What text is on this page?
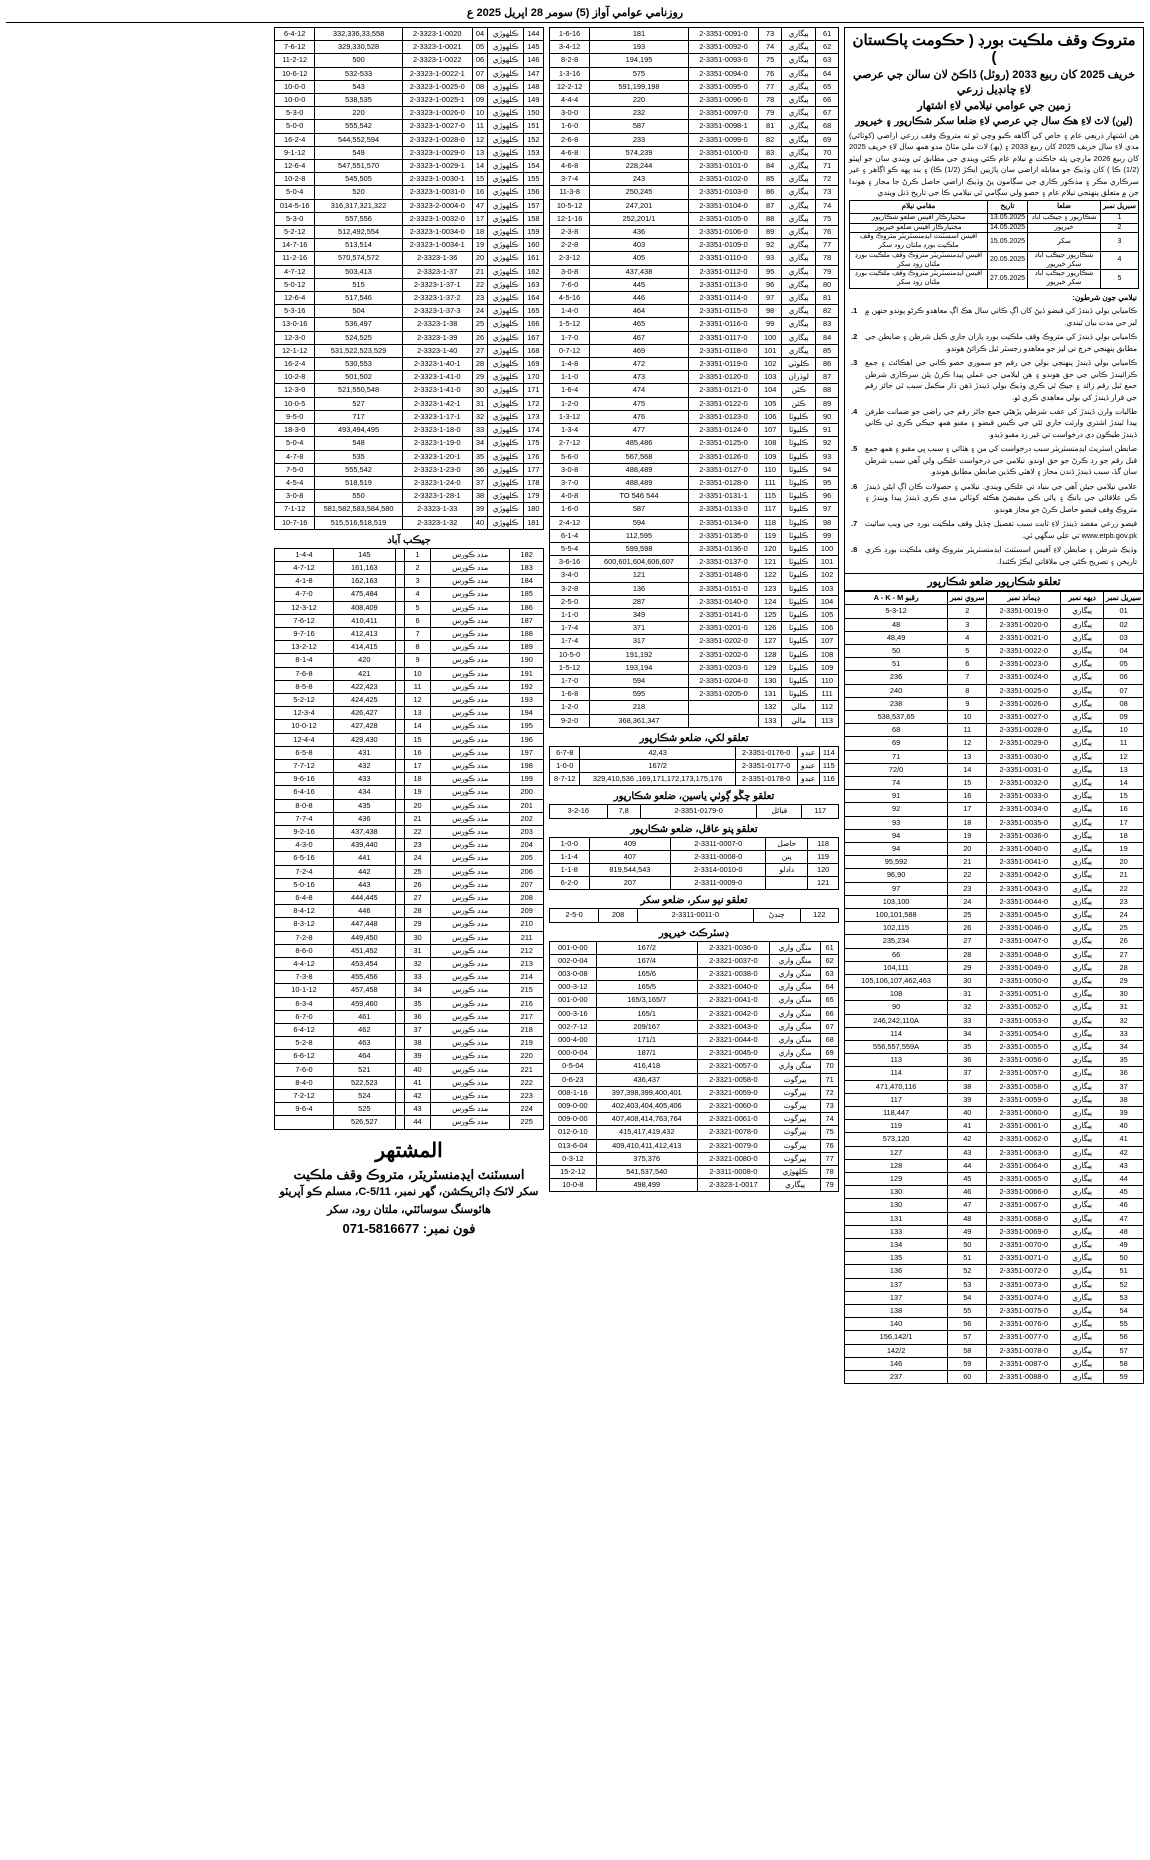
روزنامي عوامي آواز (5) سومر 28 اپريل 2025 ع
متروڪ وقف ملڪيت بورڊ ( حڪومت پاڪستان )
خريف 2025 کان ربيع 2033 (روئل) ڏاڪڻ لان سالن جي عرصي لاءِ چانڊيل زرعي
زمين جي عوامي نيلامي لاءِ اشتهار
(لين) لاٽ لاءِ هڪ سال جي عرصي لاءِ ضلعا سکر شڪارپور ۽ خيرپور

هن اشتهار ذريعي عام ۽ خاص کي آگاهه ڪيو وڃي ٿو ته متروڪ وقف زرعي اراضي (کوٽائي) مدي لاءِ سال خريف 2025 کان ربيع 2033 ۽ (ٻھ) لاٽ ملي مٿاڻ مدو همھ سال لاءِ خريف 2025 کان ربيع 2026 مارچي پئه حاڪت ۾ نيلام عام ڪئي ويندي جي مطابق ٿي ويندي سان جو اڀيٽو (1/2) ڪا ) کان وڌيڪ جو مقابله اراضي سان پاڙيين ايڪڙ (1/2) ڪا) ۽ بند پهه ڪو اڳاهر ۽ غير سرڪاري مڪر ۽ مذڪور ڪاري جي سڳامون پڻ وڌيڪ اراضي حاصل ڪرڻ جا مجاز ۽ هوندا جن ۾ متعلق پنهنجي نيلام عام ۽ حصو ولي سڳامي ٿي نيلامي ڪا جي تاريخ ڏنل ويندي

سيريل نمبر	ضلعا	تاريخ	مقامي نيلام
1	شڪارپور ۽ جيڪب آباد	13.05.2025	مختيارڪار آفيس ضلعو شڪارپور
2	خيرپور	14.05.2025	مختيارڪار آفيس ضلعو خيرپور
3	سکر	15.05.2025	آفيس اسسٽنٽ ايڊمنسٽريٽر متروڪ وقف ملڪيت بورڊ ملتان رود سکر
4	شڪارپور جيڪب آباد سکر خيرپور	20.05.2025	آفيس ايڊمنسٽريٽر متروڪ وقف ملڪيت بورڊ ملتان رود سکر
5	شڪارپور جيڪب آباد سکر خيرپور	27.05.2025	آفيس ايڊمنسٽريٽر متروڪ وقف ملڪيت بورڊ ملتان رود سکر
نيلامي جون شرطون:
1.	ڪاميابي بولي ڏيندڙ کي قبضو ڏيڻ کان اڳ ڪاني سال هڪ اڳ معاهدو ڪرڻو پوندو جنهن ۾ ليز جي مدت بيان ٿيندي.
2.	ڪاميابي بولي ڏيندڙ کي متروڪ وقف ملڪيت بورڊ پاران جاري ڪيل شرطن ۽ ضابطن جي مطابق پنهنجي خرچ تي ليز جو معاهدو رجسٽر ٿيل ڪرائڻ هوندو.
3.	ڪاميابي بولي ڏيندڙ پنهنجي بولي جي رقم جو سموري حصو ڪاني جي اهڪائٽ ۽ جمع ڪرائيندڙ ڪاني جي حق هوندو ۽ ھن ليلامي جي عملي پيدا ڪرڻ پئن سرڪاري شرطن جمع ٿيل رقم زائد ۽ جيڪ ٿي ڪري وڌيڪ بولي ڏيندڙ ڏهن ڌار مڪمل سبب ٿي جائز رقم جي قرار ڏيندڙ کي بولي معاهدي ڪري ٿو.
4.	طالبات وارن ڏيندڙ کي عقب شرطي پڙهڻي جمع جائز رقم جي راضي جو ضمانت طرفن پيدا ٿيندڙ اشتري وارثت جاري ٿئي جي ڪيس قبضو ۽ مقبو همھ جيڪي ڪري ٿي ڪاني ڏيندڙ طيڪون دي درخواست تي غير زد مقبو ڌيدو.
5.	ضابطن اسٽريٽ ايڊمنسٽريٽر سبب درخواست کي من ۽ هٽائي ۽ سبب ڀي مقبو ۽ همھ جمع قبل رقم جو رد ڪرڻ جو حق اوندو. نيلامي جي درخواست علڪي ولي آهي سبب شرطن سان گڏ، سبب ڏيندڙ ڏندن محاز ۽ لاهٽي ڪڌين ضابطن مطابق هوندو.
6.	علامي نيلامي جيئن آهي جي بنياد تي علڪي ويندي. نيلامي ۽ حصولات ڪان اڳ اپڻي ڏيندڙ ڪي علاقائي جي بانڪ ۽ پائي ڪي مقبضڻ هڪئه کوٽائي مدي ڪري ڏيندڙ پيدا ويندڙ ۽ متروڪ وقف قبضو حاصل ڪرڻ جو مجاز هوندو.
7.	قبضو زرعي مقصد ڏيندڙ لاءِ ثابت سبب تفصيل ڇڏيل وقف ملڪيت بورڊ جي ويب سائيٽ www.etpb.gov.pk تي علي سگهي ٿي.
8.	وڌيڪ شرطن ۽ ضابطن لاءِ آفيس اسسٽنٽ ايڊمنسٽريٽر متروڪ وقف ملڪيت بورڊ ڪري تاريخن ۽ تصريح ڪئي جي ملاقاتي ايڪڙ ڪئندا.
تعلقو شڪارپور ضلعو شڪارپور
سيريل نمبر	ديهه نمبر	ڊيمانڊ نمبر	سروي نمبر	رقبو A - K - M
01	پيگاري	2-3351-0019-0	2	5-3-12
02	پيگاري	2-3351-0020-0	3	48
03	پيگاري	2-3351-0021-0	4	48,49
04	پيگاري	2-3351-0022-0	5	50
05	پيگاري	2-3351-0023-0	6	51
06	پيگاري	2-3351-0024-0	7	236
07	پيگاري	2-3351-0025-0	8	240
08	پيگاري	2-3351-0026-0	9	238
09	پيگاري	2-3351-0027-0	10	538,537,65
10	پيگاري	2-3351-0028-0	11	68
11	پيگاري	2-3351-0029-0	12	69
12	پيگاري	2-3351-0030-0	13	71
13	پيگاري	2-3351-0031-0	14	72/0
14	پيگاري	2-3351-0032-0	15	74
15	پيگاري	2-3351-0033-0	16	91
16	پيگاري	2-3351-0034-0	17	92
17	پيگاري	2-3351-0035-0	18	93
18	پيگاري	2-3351-0036-0	19	94
19	پيگاري	2-3351-0040-0	20	94
20	پيگاري	2-3351-0041-0	21	95,592
21	پيگاري	2-3351-0042-0	22	96,90
22	پيگاري	2-3351-0043-0	23	97
23	پيگاري	2-3351-0044-0	24	103,100
24	پيگاري	2-3351-0045-0	25	100,101,588
25	پيگاري	2-3351-0046-0	26	102,115
26	پيگاري	2-3351-0047-0	27	235,234
27	پيگاري	2-3351-0048-0	28	66
28	پيگاري	2-3351-0049-0	29	104,111
29	پيگاري	2-3351-0050-0	30	105,106,107,462,463
30	پيگاري	2-3351-0051-0	31	108
31	پيگاري	2-3351-0052-0	32	90
32	پيگاري	2-3351-0053-0	33	246,242,110A
33	پيگاري	2-3351-0054-0	34	114
34	پيگاري	2-3351-0055-0	35	556,557,559A
35	پيگاري	2-3351-0056-0	36	113
36	پيگاري	2-3351-0057-0	37	114
37	پيگاري	2-3351-0058-0	38	471,470,116
38	پيگاري	2-3351-0059-0	39	117
39	پيگاري	2-3351-0060-0	40	118,447
40	پيگاري	2-3351-0061-0	41	119
41	پيگاري	2-3351-0062-0	42	573,120
42	پيگاري	2-3351-0063-0	43	127
43	پيگاري	2-3351-0064-0	44	128
44	پيگاري	2-3351-0065-0	45	129
45	پيگاري	2-3351-0066-0	46	130
46	پيگاري	2-3351-0067-0	47	130
47	پيگاري	2-3351-0068-0	48	131
48	پيگاري	2-3351-0069-0	49	133
49	پيگاري	2-3351-0070-0	50	134
50	پيگاري	2-3351-0071-0	51	135
51	پيگاري	2-3351-0072-0	52	136
52	پيگاري	2-3351-0073-0	53	137
53	پيگاري	2-3351-0074-0	54	137
54	پيگاري	2-3351-0075-0	55	138
55	پيگاري	2-3351-0076-0	56	140
56	پيگاري	2-3351-0077-0	57	156,142/1
57	پيگاري	2-3351-0078-0	58	142/2
58	پيگاري	2-3351-0087-0	59	146
59	پيگاري	2-3351-0088-0	60	237
61	پيگاري	73	2-3351-0091-0	181	1-6-16
62	پيگاري	74	2-3351-0092-0	193	3-4-12
63	پيگاري	75	2-3351-0093-0	194,195	8-2-8
64	پيگاري	76	2-3351-0094-0	575	1-3-16
65	پيگاري	77	2-3351-0095-0	591,199,198	12-2-12
66	پيگاري	78	2-3351-0096-0	220	4-4-4
67	پيگاري	79	2-3351-0097-0	232	3-0-0
68	پيگاري	81	2-3351-0098-1	587	1-6-0
69	پيگاري	82	2-3351-0099-0	233	2-6-8
70	پيگاري	83	2-3351-0100-0	574,239	4-6-8
71	پيگاري	84	2-3351-0101-0	228,244	4-6-8
72	پيگاري	85	2-3351-0102-0	243	3-7-4
73	پيگاري	86	2-3351-0103-0	250,245	11-3-8
74	پيگاري	87	2-3351-0104-0	247,201	10-5-12
75	پيگاري	88	2-3351-0105-0	252,201/1	12-1-16
76	پيگاري	89	2-3351-0106-0	436	2-3-8
77	پيگاري	92	2-3351-0109-0	403	2-2-8
78	پيگاري	93	2-3351-0110-0	405	2-3-12
79	پيگاري	95	2-3351-0112-0	437,438	3-0-8
80	پيگاري	96	2-3351-0113-0	445	7-6-0
81	پيگاري	97	2-3351-0114-0	446	4-5-16
82	پيگاري	98	2-3351-0115-0	464	1-4-0
83	پيگاري	99	2-3351-0116-0	465	1-5-12
84	پيگاري	100	2-3351-0117-0	467	1-7-0
85	پيگاري	101	2-3351-0118-0	469	0-7-12
86	ڪلوٽي	102	2-3351-0119-0	472	1-4-8
87	لوڌران	103	2-3351-0120-0	473	1-1-0
88	ڪٽن	104	2-3351-0121-0	474	1-6-4
89	ڪٽن	105	2-3351-0122-0	475	1-2-0
90	ڪليوٽا	106	2-3351-0123-0	476	1-3-12
91	ڪليوٽا	107	2-3351-0124-0	477	1-3-4
92	ڪليوٽا	108	2-3351-0125-0	485,486	2-7-12
93	ڪليوٽا	109	2-3351-0126-0	567,568	5-6-0
94	ڪليوٽا	110	2-3351-0127-0	488,489	3-0-8
95	ڪليوٽا	111	2-3351-0128-0	488,489	3-7-0
96	ڪليوٽا	115	2-3351-0131-1	544 TO 546	4-0-8
97	ڪليوٽا	117	2-3351-0133-0	587	1-6-0
98	ڪليوٽا	118	2-3351-0134-0	594	2-4-12
99	ڪليوٽا	119	2-3351-0135-0	112,595	6-1-4
100	ڪليوٽا	120	2-3351-0136-0	599,598	5-5-4
101	ڪليوٽا	121	2-3351-0137-0	600,601,604,606,607	3-6-16
102	ڪليوٽا	122	2-3351-0148-0	121	3-4-0
103	ڪليوٽا	123	2-3351-0151-0	136	3-2-8
104	ڪليوٽا	124	2-3351-0140-0	287	2-5-0
105	ڪليوٽا	125	2-3351-0141-0	349	1-1-0
106	ڪليوٽا	126	2-3351-0201-0	371	1-7-4
107	ڪليوٽا	127	2-3351-0202-0	317	1-7-4
108	ڪليوٽا	128	2-3351-0202-0	191,192	10-5-0
109	ڪليوٽا	129	2-3351-0203-0	193,194	1-5-12
110	ڪليوٽا	130	2-3351-0204-0	594	1-7-0
111	ڪليوٽا	131	2-3351-0205-0	595	1-6-8
112	مالي	132		218	1-2-0
113	مالي	133		368,361,347	9-2-0
تعلقو لکي، ضلعو شڪارپور
114	عبدو	2-3351-0176-0	42,43	6-7-8
115	عبدو	2-3351-0177-0	167/2	1-0-0
116	عبدو	2-3351-0178-0	169,171,172,173,175,176, 329,410,536	8-7-12
تعلقو چڱو ڳوٺي ياسين، ضلعو شڪارپور
117	قبائل	2-3351-0179-0	7,8	3-2-16
تعلقو پنو عاقل، ضلعو شڪارپور
118	حاصل	2-3311-0007-0	409	1-0-0
119	پنن	2-3311-0008-0	407	1-1-4
120	دادلو	2-3314-0010-0	819,544,543	1-1-8
121		2-3311-0009-0	207	6-2-0
تعلقو نيو سکر، ضلعو سکر
122	چنڊڻ	2-3311-0011-0	208	2-5-0
ڊسٽرڪٽ خيرپور
61	منگن واري	2-3321-0036-0	167/2	001-0-00
62	منگن واري	2-3321-0037-0	167/4	002-0-04
63	منگن واري	2-3321-0038-0	165/6	003-0-08
64	منگن واري	2-3321-0040-0	165/5	000-3-12
65	منگن واري	2-3321-0041-0	165/3,165/7	001-0-00
66	منگن واري	2-3321-0042-0	165/1	000-3-16
67	منگن واري	2-3321-0043-0	209/167	002-7-12
68	منگن واري	2-3321-0044-0	171/1	000-4-00
69	منگن واري	2-3321-0045-0	187/1	000-0-04
70	منگن واري	2-3321-0057-0	416,418	0-5-04
71	پيرگوٺ	2-3321-0058-0	436,437	0-6-23
72	پيرگوٺ	2-3321-0059-0	397,398,399,400,401	008-1-16
73	پيرگوٺ	2-3321-0060-0	402,403,404,405,406	009-0-00
74	پيرگوٺ	2-3321-0061-0	407,408,414,763,764	009-0-00
75	پيرگوٺ	2-3321-0078-0	415,417,419,432	012-0-10
76	پيرگوٺ	2-3321-0079-0	409,410,411,412,413	013-6-04
77	پيرگوٺ	2-3321-0080-0	375,376	0-3-12
78	ڪلهوڙي	2-3311-0008-0	541,537,540	15-2-12
79	پيگاري	2-3323-1-0017	498,499	10-0-8
6-4-12	332,336,33,558	2-3323-1-0020	04	ڪلهوڙي	144
7-6-12	329,330,528	2-3323-1-0021	05	ڪلهوڙي	145
11-2-12	500	2-3323-1-0022	06	ڪلهوڙي	146
10-6-12	532-533	2-3323-1-0022-1	07	ڪلهوڙي	147
10-0-0	543	2-3323-1-0025-0	08	ڪلهوڙي	148
10-0-0	538,535	2-3323-1-0025-1	09	ڪلهوڙي	149
5-3-0	220	2-3323-1-0026-0	10	ڪلهوڙي	150
5-0-0	555,542	2-3323-1-0027-0	11	ڪلهوڙي	151
16-2-4	544,552,594	2-3323-1-0028-0	12	ڪلهوڙي	152
9-1-12	549	2-3323-1-0029-0	13	ڪلهوڙي	153
12-6-4	547,551,570	2-3323-1-0029-1	14	ڪلهوڙي	154
10-2-8	545,505	2-3323-1-0030-1	15	ڪلهوڙي	155
5-0-4	520	2-3323-1-0031-0	16	ڪلهوڙي	156
014-5-16	316,317,321,322	2-3323-2-0004-0	47	ڪلهوڙي	157
5-3-0	557,556	2-3323-1-0032-0	17	ڪلهوڙي	158
5-2-12	512,492,554	2-3323-1-0034-0	18	ڪلهوڙي	159
14-7-16	513,514	2-3323-1-0034-1	19	ڪلهوڙي	160
11-2-16	570,574,572	2-3323-1-36	20	ڪلهوڙي	161
4-7-12	503,413	2-3323-1-37	21	ڪلهوڙي	162
5-0-12	515	2-3323-1-37-1	22	ڪلهوڙي	163
12-6-4	517,546	2-3323-1-37-2	23	ڪلهوڙي	164
5-3-16	504	2-3323-1-37-3	24	ڪلهوڙي	165
13-0-16	536,497	2-3323-1-38	25	ڪلهوڙي	166
12-3-0	524,525	2-3323-1-39	26	ڪلهوڙي	167
12-1-12	531,522,523,529	2-3323-1-40	27	ڪلهوڙي	168
16-2-4	530,553	2-3323-1-40-1	28	ڪلهوڙي	169
10-2-8	501,502	2-3323-1-41-0	29	ڪلهوڙي	170
12-3-0	521,550,548	2-3323-1-41-0	30	ڪلهوڙي	171
10-0-5	527	2-3323-1-42-1	31	ڪلهوڙي	172
9-5-0	717	2-3323-1-17-1	32	ڪلهوڙي	173
18-3-0	493,494,495	2-3323-1-18-0	33	ڪلهوڙي	174
5-0-4	548	2-3323-1-19-0	34	ڪلهوڙي	175
4-7-8	535	2-3323-1-20-1	35	ڪلهوڙي	176
7-5-0	555,542	2-3323-1-23-0	36	ڪلهوڙي	177
4-5-4	518,519	2-3323-1-24-0	37	ڪلهوڙي	178
3-0-8	550	2-3323-1-28-1	38	ڪلهوڙي	179
7-1-12	581,582,583,584,580	2-3323-1-33	39	ڪلهوڙي	180
10-7-16	515,516,518,519	2-3323-1-32	40	ڪلهوڙي	181
جيڪب آباد
1-4-4	145		1	مدد ڪورس	182
4-7-12	161,163		2	مدد ڪورس	183
4-1-8	162,163		3	مدد ڪورس	184
4-7-0	475,484		4	مدد ڪورس	185
12-3-12	408,409		5	مدد ڪورس	186
7-6-12	410,411		6	مدد ڪورس	187
9-7-16	412,413		7	مدد ڪورس	188
13-2-12	414,415		8	مدد ڪورس	189
8-1-4	420		9	مدد ڪورس	190
7-6-8	421		10	مدد ڪورس	191
8-5-8	422,423		11	مدد ڪورس	192
5-2-12	424,425		12	مدد ڪورس	193
12-3-4	426,427		13	مدد ڪورس	194
10-0-12	427,428		14	مدد ڪورس	195
12-4-4	429,430		15	مدد ڪورس	196
6-5-8	431		16	مدد ڪورس	197
7-7-12	432		17	مدد ڪورس	198
9-6-16	433		18	مدد ڪورس	199
6-4-16	434		19	مدد ڪورس	200
8-0-8	435		20	مدد ڪورس	201
7-7-4	436		21	مدد ڪورس	202
9-2-16	437,438		22	مدد ڪورس	203
4-3-0	439,440		23	مدد ڪورس	204
6-5-16	441		24	مدد ڪورس	205
7-2-4	442		25	مدد ڪورس	206
5-0-16	443		26	مدد ڪورس	207
6-4-8	444,445		27	مدد ڪورس	208
8-4-12	446		28	مدد ڪورس	209
8-3-12	447,448		29	مدد ڪورس	210
7-2-8	449,450		30	مدد ڪورس	211
8-6-0	451,452		31	مدد ڪورس	212
4-4-12	453,454		32	مدد ڪورس	213
7-3-8	455,456		33	مدد ڪورس	214
10-1-12	457,458		34	مدد ڪورس	215
6-3-4	459,460		35	مدد ڪورس	216
6-7-0	461		36	مدد ڪورس	217
6-4-12	462		37	مدد ڪورس	218
5-2-8	463		38	مدد ڪورس	219
6-6-12	464		39	مدد ڪورس	220
7-6-0	521		40	مدد ڪورس	221
8-4-0	522,523		41	مدد ڪورس	222
7-2-12	524		42	مدد ڪورس	223
9-6-4	525		43	مدد ڪورس	224
	526,527		44	مدد ڪورس	225
المشتهر
اسسٽنٽ ايڊمنسٽريٽر، متروڪ وقف ملڪيت
سکر لائڪ ڊائريڪشن، گهر نمبر، C-5/11، مسلم ڪو آپريٽو
هائوسنگ سوسائٽي، ملتان رود، سکر
فون نمبر: 5816677-071
